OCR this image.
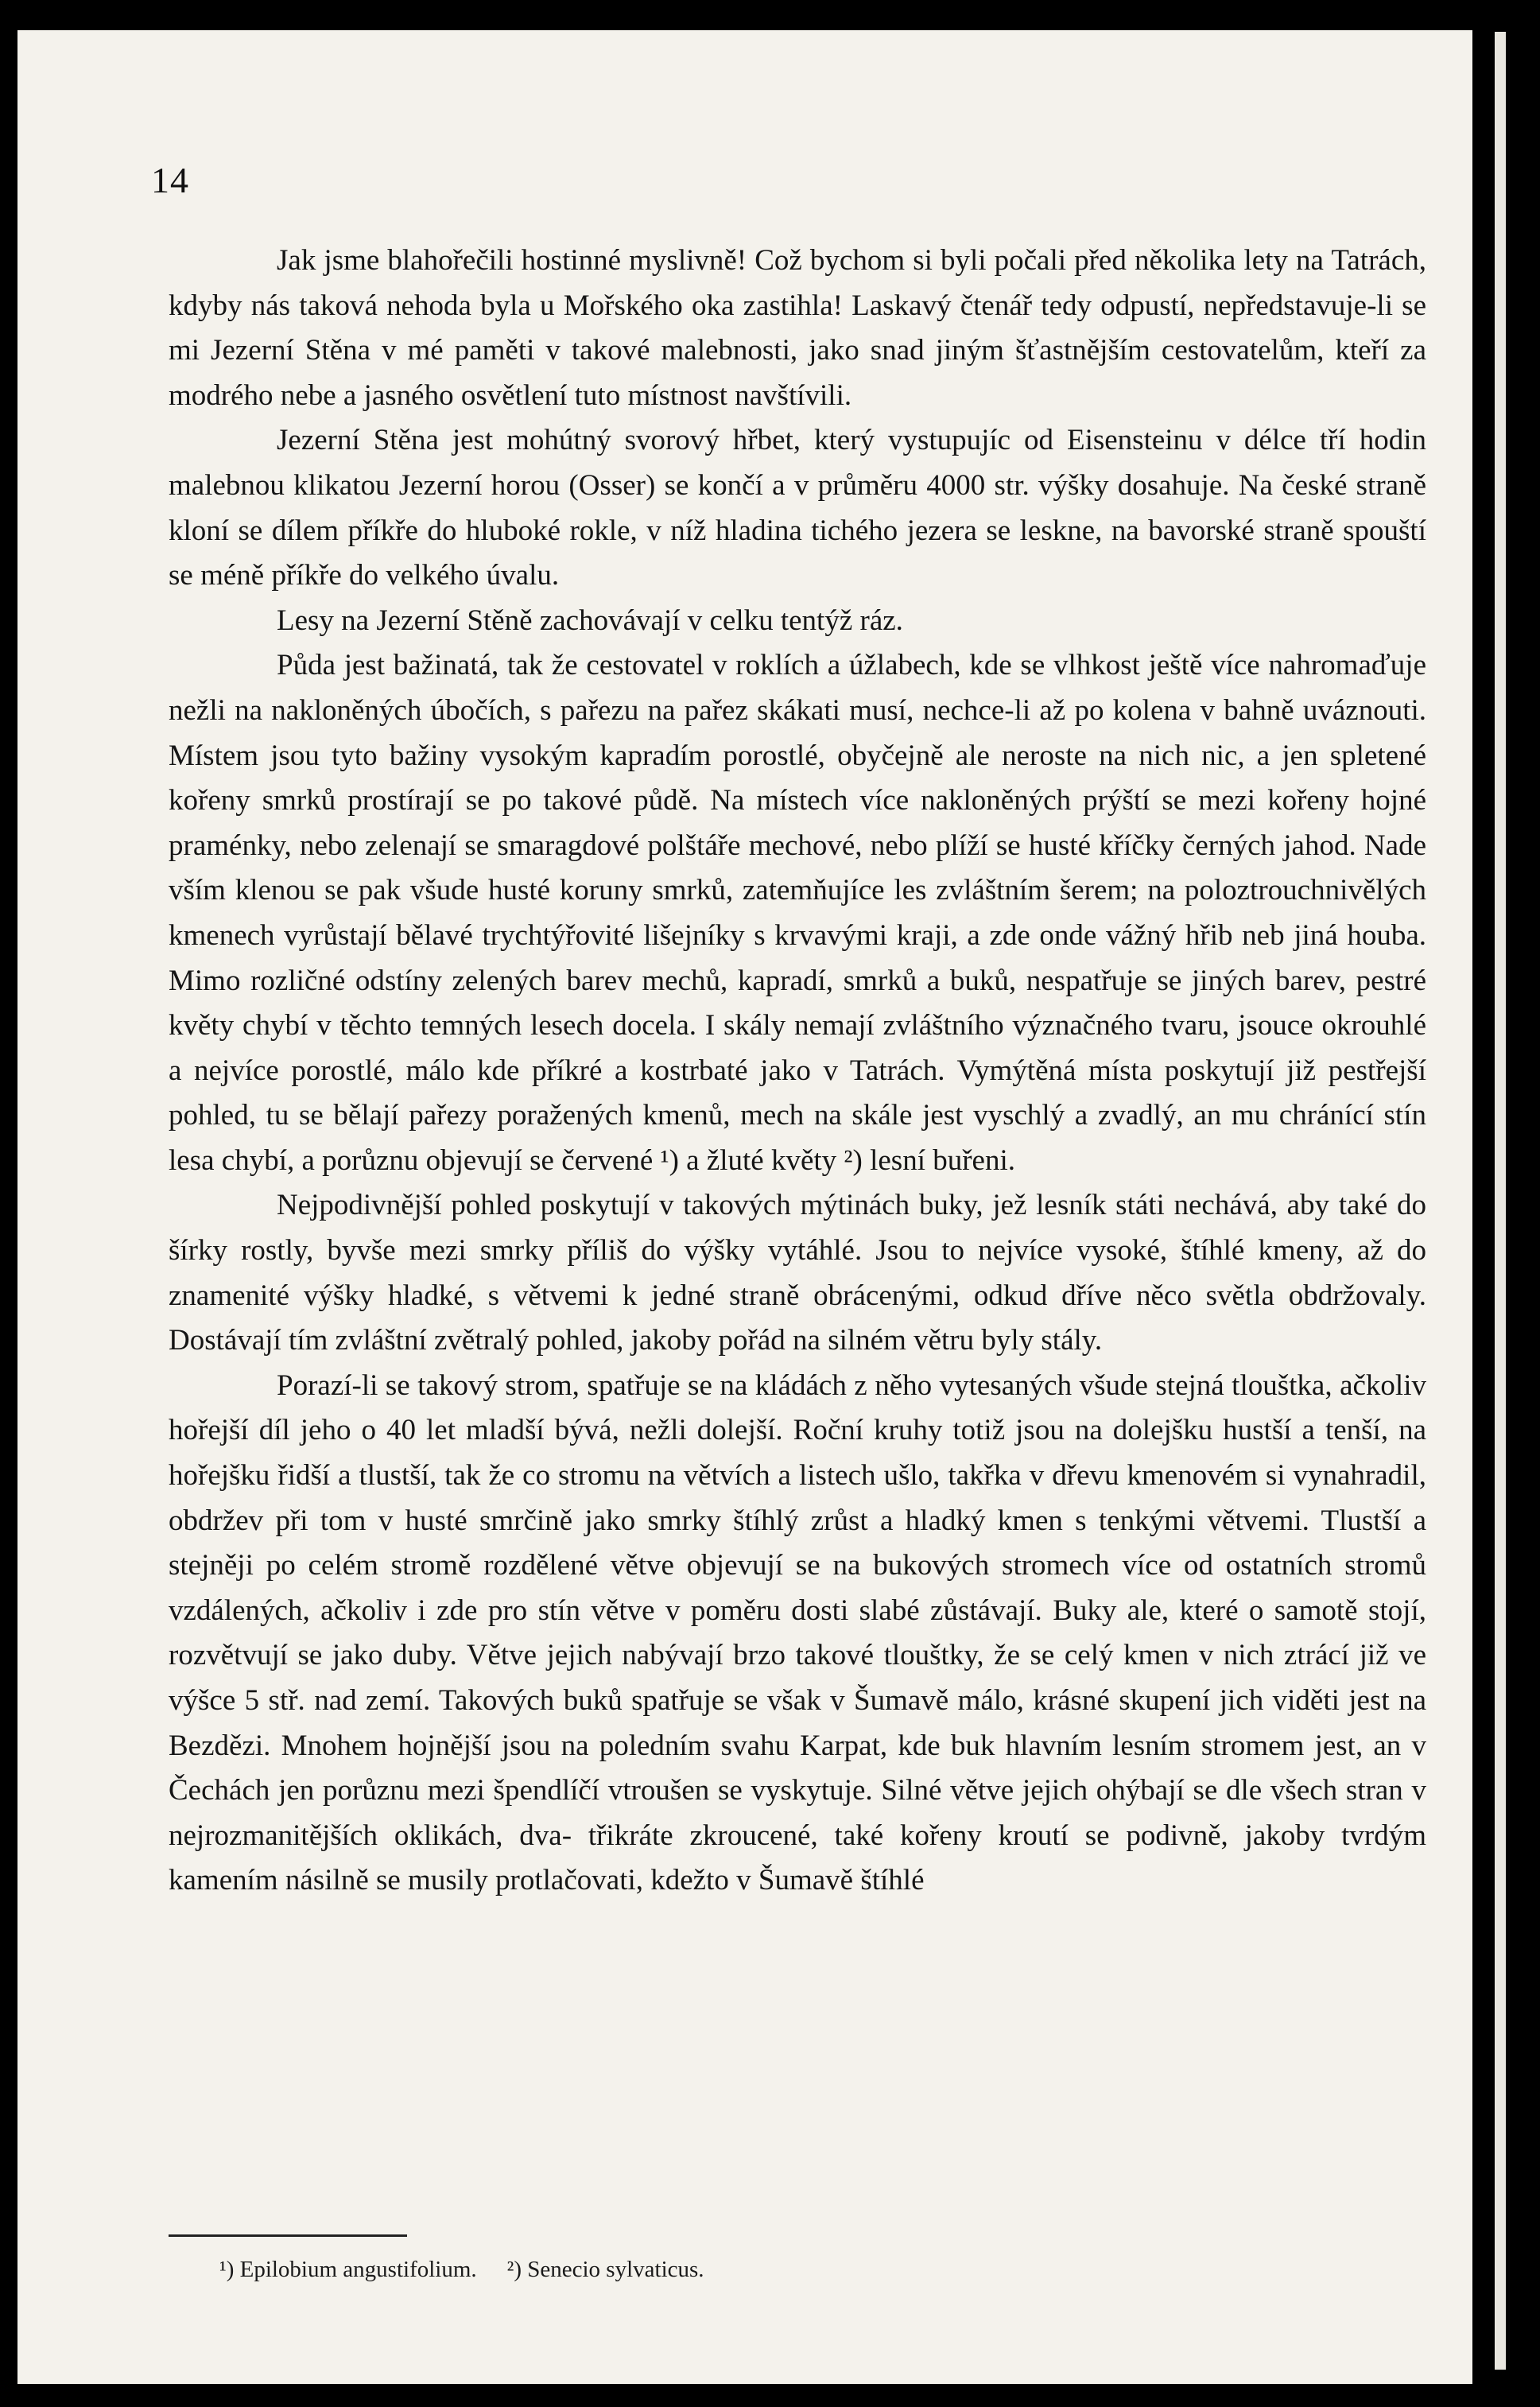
14

Jak jsme blahořečili hostinné myslivně! Což bychom si byli počali před několika lety na Tatrách, kdyby nás taková nehoda byla u Mořského oka zastihla! Laskavý čtenář tedy odpustí, nepředstavuje-li se mi Jezerní Stěna v mé paměti v takové malebnosti, jako snad jiným šťastnějším cestovatelům, kteří za modrého nebe a jasného osvětlení tuto místnost navštívili.

Jezerní Stěna jest mohútný svorový hřbet, který vystupujíc od Eisensteinu v délce tří hodin malebnou klikatou Jezerní horou (Osser) se končí a v průměru 4000 str. výšky dosahuje. Na české straně kloní se dílem příkře do hluboké rokle, v níž hladina tichého jezera se leskne, na bavorské straně spouští se méně příkře do velkého úvalu.

Lesy na Jezerní Stěně zachovávají v celku tentýž ráz.

Půda jest bažinatá, tak že cestovatel v roklích a úžlabech, kde se vlhkost ještě více nahromaďuje nežli na nakloněných úbočích, s pařezu na pařez skákati musí, nechce-li až po kolena v bahně uváznouti. Místem jsou tyto bažiny vysokým kapradím porostlé, obyčejně ale neroste na nich nic, a jen spletené kořeny smrků prostírají se po takové půdě. Na místech více nakloněných prýští se mezi kořeny hojné praménky, nebo zelenají se smaragdové polštáře mechové, nebo plíží se husté kříčky černých jahod. Nade vším klenou se pak všude husté koruny smrků, zatemňujíce les zvláštním šerem; na poloztrouchnivělých kmenech vyrůstají bělavé trychtýřovité lišejníky s krvavými kraji, a zde onde vážný hřib neb jiná houba. Mimo rozličné odstíny zelených barev mechů, kapradí, smrků a buků, nespatřuje se jiných barev, pestré květy chybí v těchto temných lesech docela. I skály nemají zvláštního význačného tvaru, jsouce okrouhlé a nejvíce porostlé, málo kde příkré a kostrbaté jako v Tatrách. Vymýtěná místa poskytují již pestřejší pohled, tu se bělají pařezy poražených kmenů, mech na skále jest vyschlý a zvadlý, an mu chránící stín lesa chybí, a porůznu objevují se červené ¹) a žluté květy ²) lesní buřeni.

Nejpodivnější pohled poskytují v takových mýtinách buky, jež lesník státi nechává, aby také do šírky rostly, byvše mezi smrky příliš do výšky vytáhlé. Jsou to nejvíce vysoké, štíhlé kmeny, až do znamenité výšky hladké, s větvemi k jedné straně obrácenými, odkud dříve něco světla obdržovaly. Dostávají tím zvláštní zvětralý pohled, jakoby pořád na silném větru byly stály.

Porazí-li se takový strom, spatřuje se na kládách z něho vytesaných všude stejná tlouštka, ačkoliv hořejší díl jeho o 40 let mladší bývá, nežli dolejší. Roční kruhy totiž jsou na dolejšku hustší a tenší, na hořejšku řidší a tlustší, tak že co stromu na větvích a listech ušlo, takřka v dřevu kmenovém si vynahradil, obdržev při tom v husté smrčině jako smrky štíhlý zrůst a hladký kmen s tenkými větvemi. Tlustší a stejněji po celém stromě rozdělené větve objevují se na bukových stromech více od ostatních stromů vzdálených, ačkoliv i zde pro stín větve v poměru dosti slabé zůstávají. Buky ale, které o samotě stojí, rozvětvují se jako duby. Větve jejich nabývají brzo takové tlouštky, že se celý kmen v nich ztrácí již ve výšce 5 stř. nad zemí. Takových buků spatřuje se však v Šumavě málo, krásné skupení jich viděti jest na Bezdězi. Mnohem hojnější jsou na poledním svahu Karpat, kde buk hlavním lesním stromem jest, an v Čechách jen porůznu mezi špendlíčí vtroušen se vyskytuje. Silné větve jejich ohýbají se dle všech stran v nejrozmanitějších oklikách, dva- třikráte zkroucené, také kořeny kroutí se podivně, jakoby tvrdým kamením násilně se musily protlačovati, kdežto v Šumavě štíhlé

¹) Epilobium angustifolium. ²) Senecio sylvaticus.
